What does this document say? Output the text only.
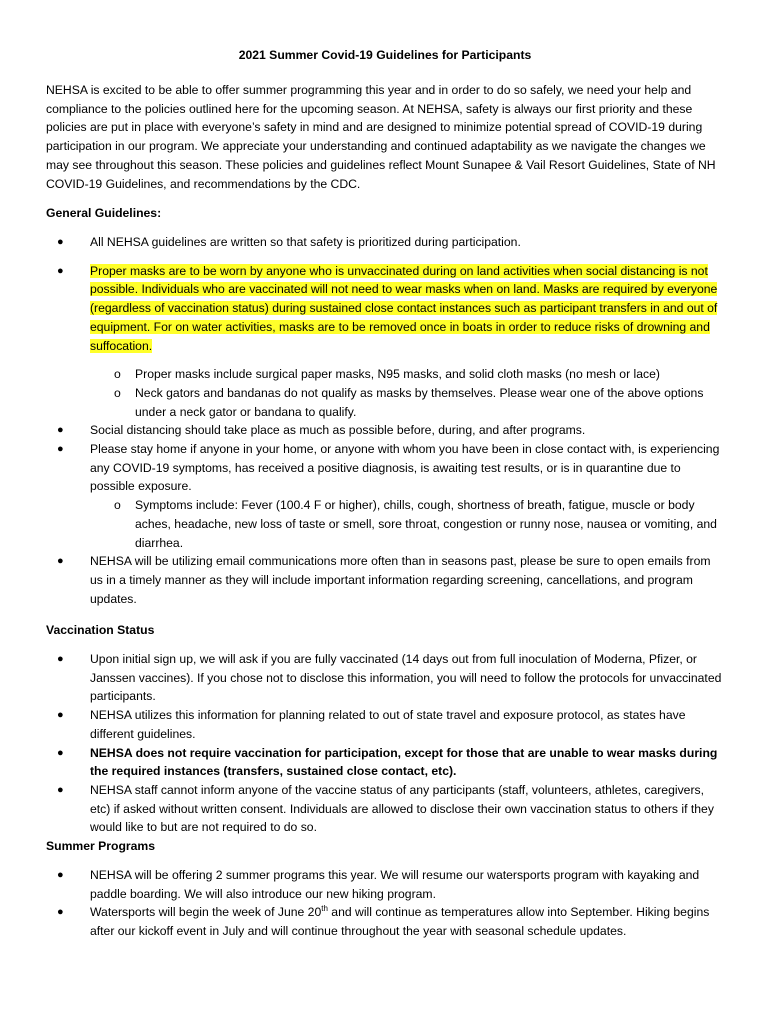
2021 Summer Covid-19 Guidelines for Participants

NEHSA is excited to be able to offer summer programming this year and in order to do so safely, we need your help and compliance to the policies outlined here for the upcoming season. At NEHSA, safety is always our first priority and these policies are put in place with everyone’s safety in mind and are designed to minimize potential spread of COVID-19 during participation in our program. We appreciate your understanding and continued adaptability as we navigate the changes we may see throughout this season. These policies and guidelines reflect Mount Sunapee & Vail Resort Guidelines, State of NH COVID-19 Guidelines, and recommendations by the CDC.

General Guidelines:
● All NEHSA guidelines are written so that safety is prioritized during participation.
● Proper masks are to be worn by anyone who is unvaccinated during on land activities when social distancing is not possible. Individuals who are vaccinated will not need to wear masks when on land. Masks are required by everyone (regardless of vaccination status) during sustained close contact instances such as participant transfers in and out of equipment. For on water activities, masks are to be removed once in boats in order to reduce risks of drowning and suffocation.
o Proper masks include surgical paper masks, N95 masks, and solid cloth masks (no mesh or lace)
o Neck gators and bandanas do not qualify as masks by themselves. Please wear one of the above options under a neck gator or bandana to qualify.
● Social distancing should take place as much as possible before, during, and after programs.
● Please stay home if anyone in your home, or anyone with whom you have been in close contact with, is experiencing any COVID-19 symptoms, has received a positive diagnosis, is awaiting test results, or is in quarantine due to possible exposure.
o Symptoms include: Fever (100.4 F or higher), chills, cough, shortness of breath, fatigue, muscle or body aches, headache, new loss of taste or smell, sore throat, congestion or runny nose, nausea or vomiting, and diarrhea.
● NEHSA will be utilizing email communications more often than in seasons past, please be sure to open emails from us in a timely manner as they will include important information regarding screening, cancellations, and program updates.
Vaccination Status
● Upon initial sign up, we will ask if you are fully vaccinated (14 days out from full inoculation of Moderna, Pfizer, or Janssen vaccines). If you chose not to disclose this information, you will need to follow the protocols for unvaccinated participants.
● NEHSA utilizes this information for planning related to out of state travel and exposure protocol, as states have different guidelines.
● NEHSA does not require vaccination for participation, except for those that are unable to wear masks during the required instances (transfers, sustained close contact, etc).
● NEHSA staff cannot inform anyone of the vaccine status of any participants (staff, volunteers, athletes, caregivers, etc) if asked without written consent. Individuals are allowed to disclose their own vaccination status to others if they would like to but are not required to do so.
Summer Programs
● NEHSA will be offering 2 summer programs this year. We will resume our watersports program with kayaking and paddle boarding. We will also introduce our new hiking program.
● Watersports will begin the week of June 20th and will continue as temperatures allow into September. Hiking begins after our kickoff event in July and will continue throughout the year with seasonal schedule updates.
